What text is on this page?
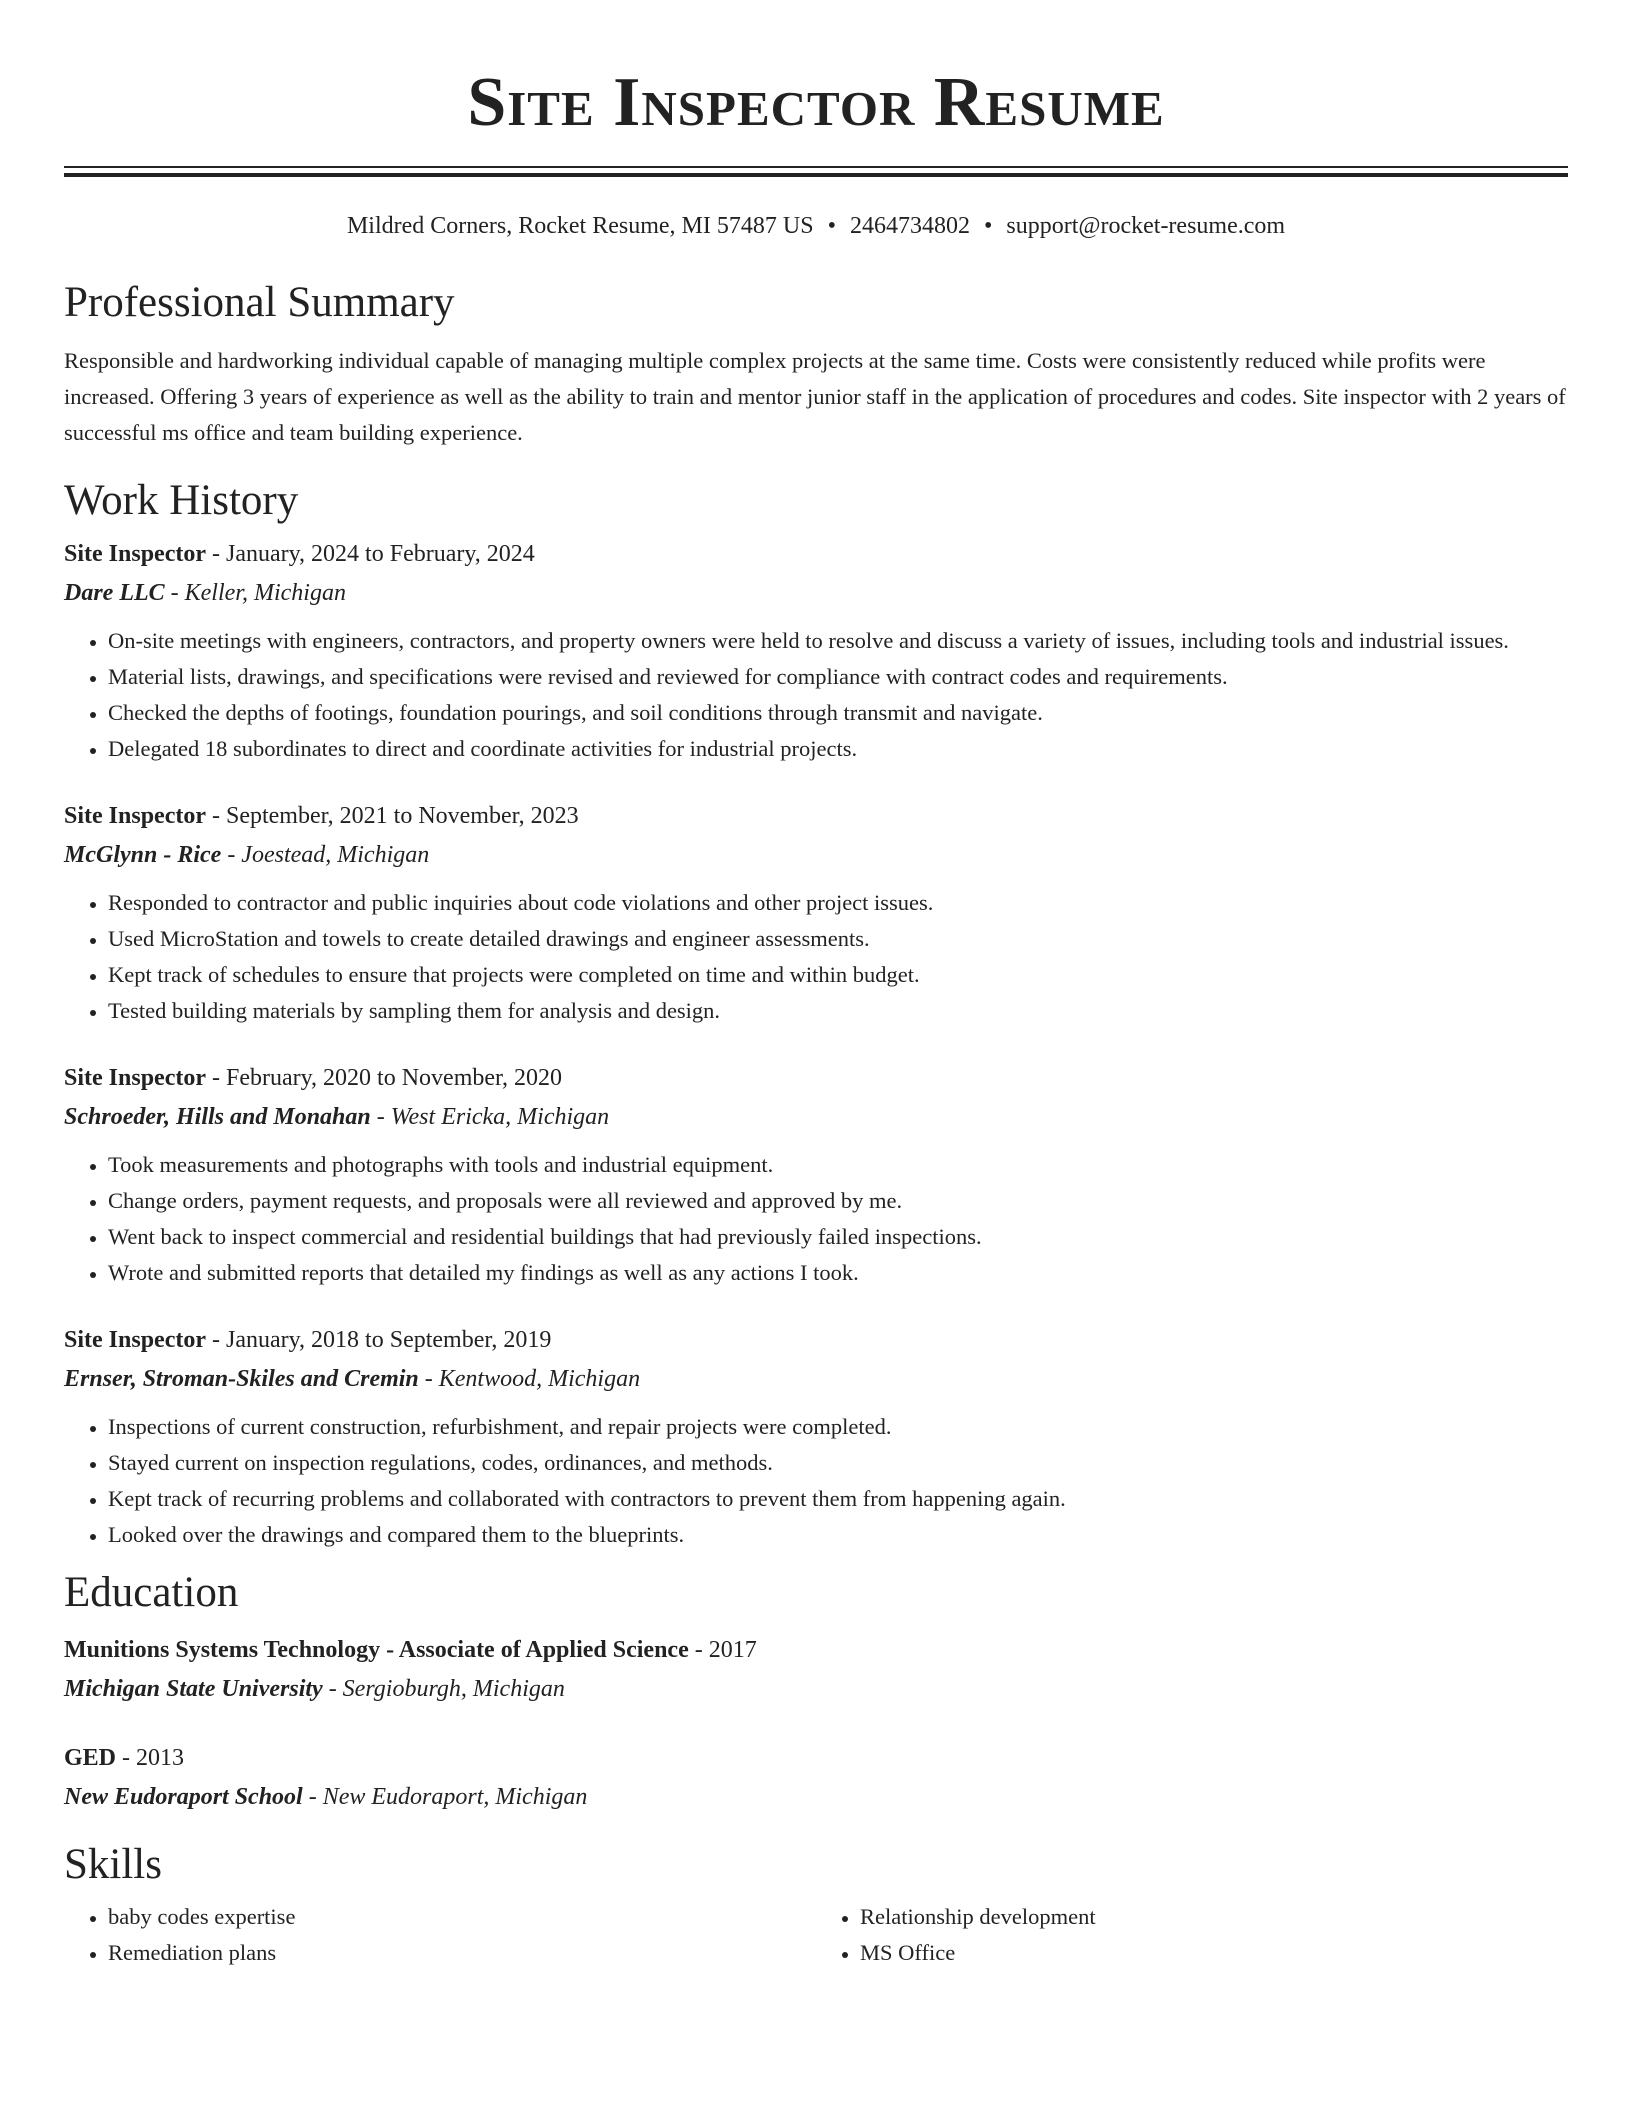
Site Inspector Resume
Mildred Corners, Rocket Resume, MI 57487 US • 2464734802 • support@rocket-resume.com
Professional Summary
Responsible and hardworking individual capable of managing multiple complex projects at the same time. Costs were consistently reduced while profits were increased. Offering 3 years of experience as well as the ability to train and mentor junior staff in the application of procedures and codes. Site inspector with 2 years of successful ms office and team building experience.
Work History
Site Inspector - January, 2024 to February, 2024
Dare LLC - Keller, Michigan
• On-site meetings with engineers, contractors, and property owners were held to resolve and discuss a variety of issues, including tools and industrial issues.
• Material lists, drawings, and specifications were revised and reviewed for compliance with contract codes and requirements.
• Checked the depths of footings, foundation pourings, and soil conditions through transmit and navigate.
• Delegated 18 subordinates to direct and coordinate activities for industrial projects.
Site Inspector - September, 2021 to November, 2023
McGlynn - Rice - Joestead, Michigan
• Responded to contractor and public inquiries about code violations and other project issues.
• Used MicroStation and towels to create detailed drawings and engineer assessments.
• Kept track of schedules to ensure that projects were completed on time and within budget.
• Tested building materials by sampling them for analysis and design.
Site Inspector - February, 2020 to November, 2020
Schroeder, Hills and Monahan - West Ericka, Michigan
• Took measurements and photographs with tools and industrial equipment.
• Change orders, payment requests, and proposals were all reviewed and approved by me.
• Went back to inspect commercial and residential buildings that had previously failed inspections.
• Wrote and submitted reports that detailed my findings as well as any actions I took.
Site Inspector - January, 2018 to September, 2019
Ernser, Stroman-Skiles and Cremin - Kentwood, Michigan
• Inspections of current construction, refurbishment, and repair projects were completed.
• Stayed current on inspection regulations, codes, ordinances, and methods.
• Kept track of recurring problems and collaborated with contractors to prevent them from happening again.
• Looked over the drawings and compared them to the blueprints.
Education
Munitions Systems Technology - Associate of Applied Science - 2017
Michigan State University - Sergioburgh, Michigan
GED - 2013
New Eudoraport School - New Eudoraport, Michigan
Skills
• baby codes expertise
• Remediation plans
• Relationship development
• MS Office
